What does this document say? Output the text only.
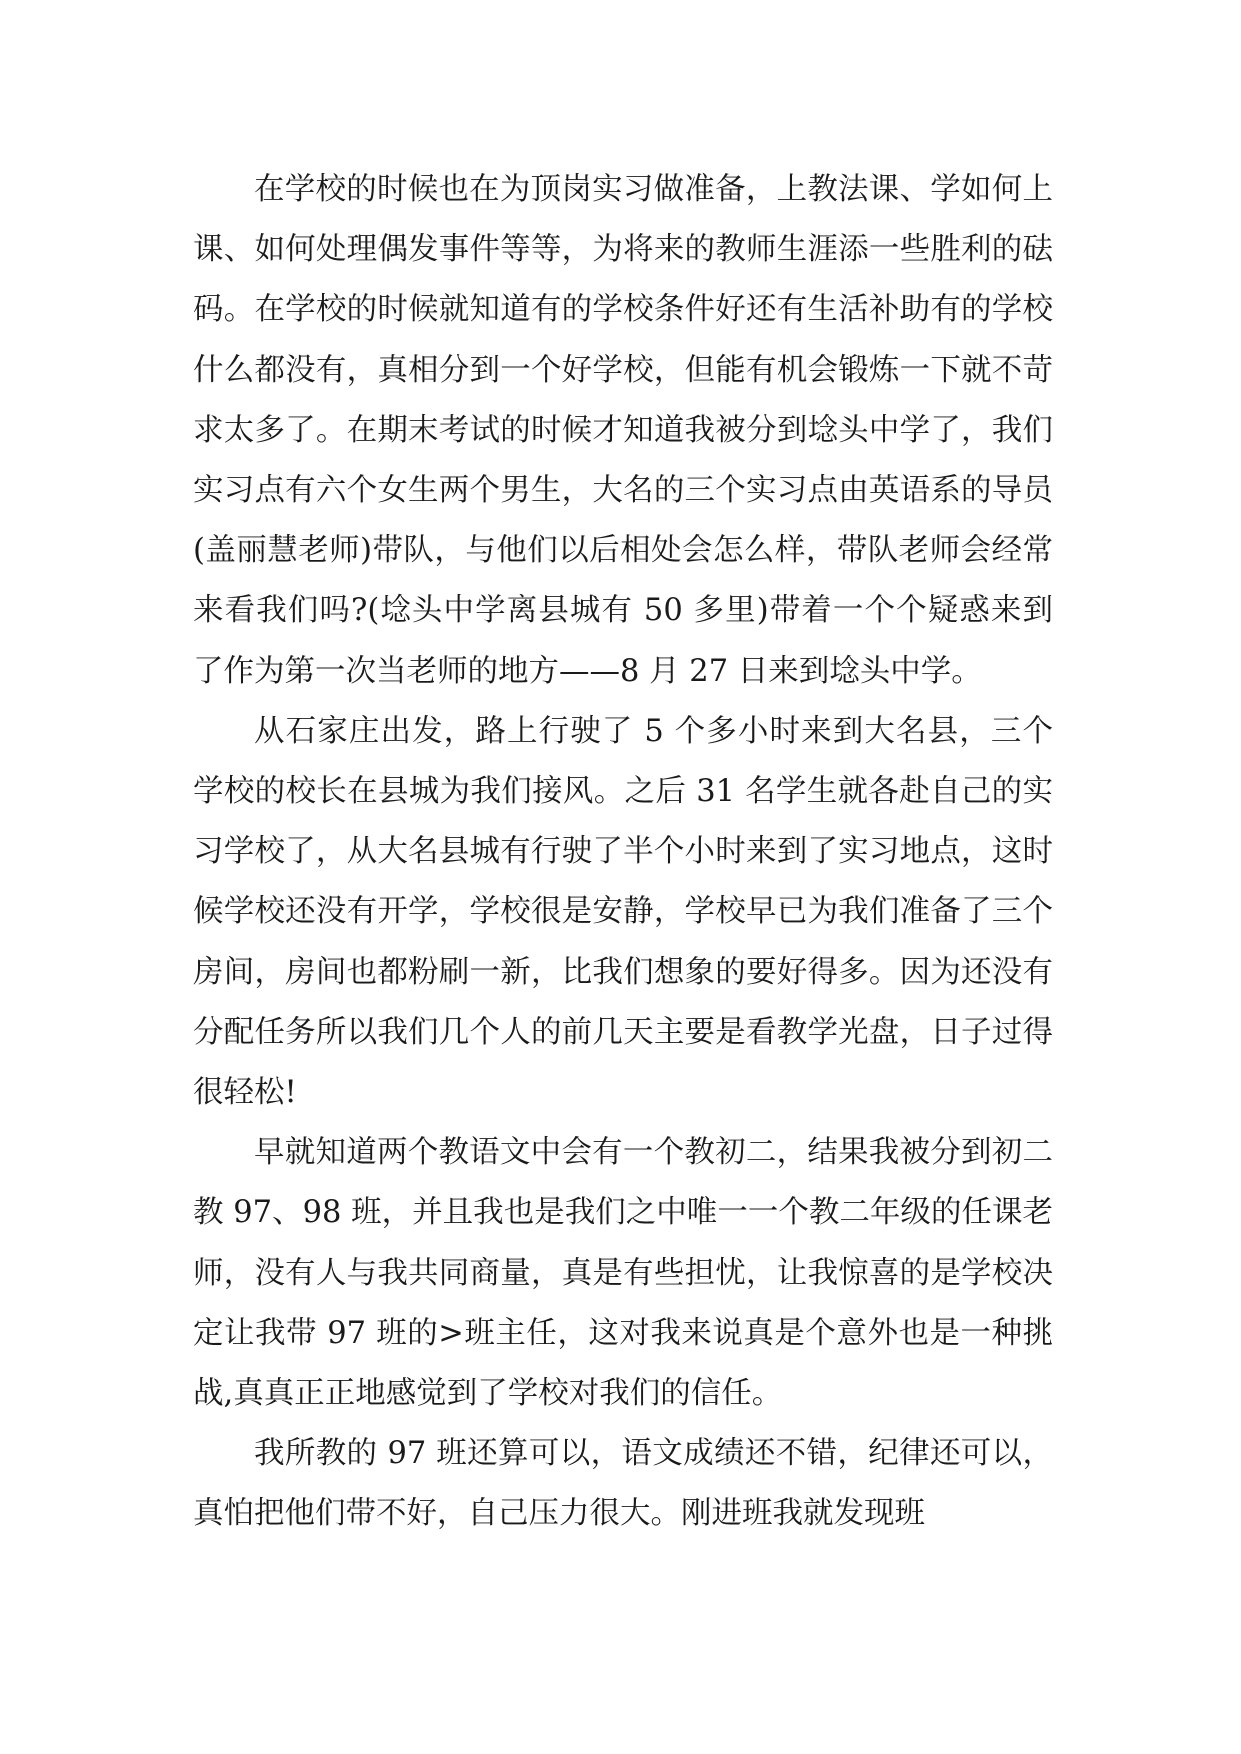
在学校的时候也在为顶岗实习做准备，上教法课、学如何上课、如何处理偶发事件等等，为将来的教师生涯添一些胜利的砝码。在学校的时候就知道有的学校条件好还有生活补助有的学校什么都没有，真相分到一个好学校，但能有机会锻炼一下就不苛求太多了。在期末考试的时候才知道我被分到埝头中学了，我们实习点有六个女生两个男生，大名的三个实习点由英语系的导员(盖丽慧老师)带队，与他们以后相处会怎么样，带队老师会经常来看我们吗?(埝头中学离县城有 50 多里)带着一个个疑惑来到了作为第一次当老师的地方——8 月 27 日来到埝头中学。

从石家庄出发，路上行驶了 5 个多小时来到大名县，三个学校的校长在县城为我们接风。之后 31 名学生就各赴自己的实习学校了，从大名县城有行驶了半个小时来到了实习地点，这时候学校还没有开学，学校很是安静，学校早已为我们准备了三个房间，房间也都粉刷一新，比我们想象的要好得多。因为还没有分配任务所以我们几个人的前几天主要是看教学光盘，日子过得很轻松!

早就知道两个教语文中会有一个教初二，结果我被分到初二教 97、98 班，并且我也是我们之中唯一一个教二年级的任课老师，没有人与我共同商量，真是有些担忧，让我惊喜的是学校决定让我带 97 班的>班主任，这对我来说真是个意外也是一种挑战,真真正正地感觉到了学校对我们的信任。

我所教的 97 班还算可以，语文成绩还不错，纪律还可以，真怕把他们带不好，自己压力很大。刚进班我就发现班
